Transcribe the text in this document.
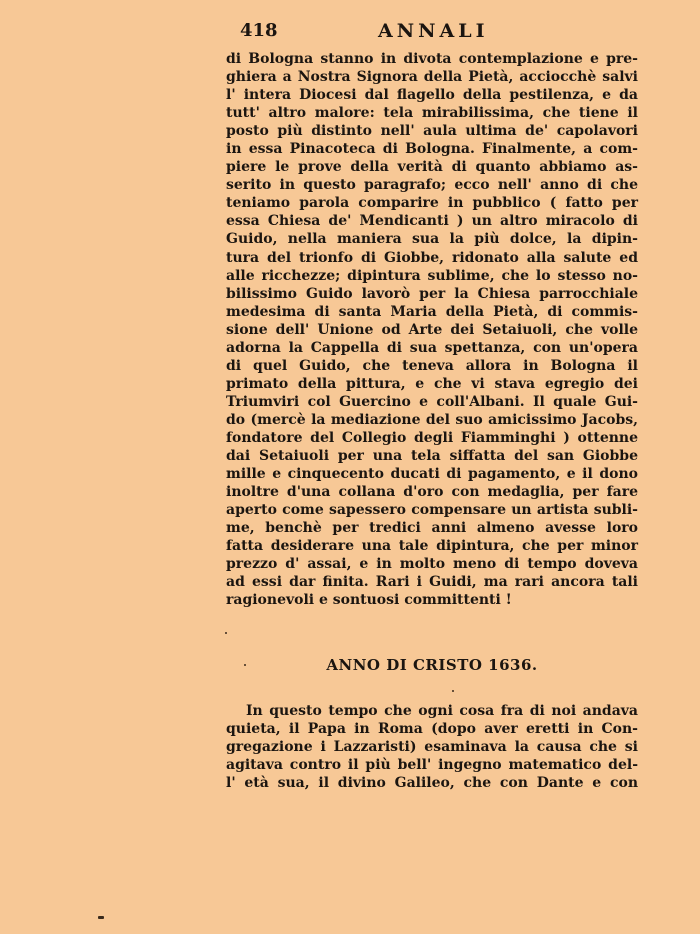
418	ANNALI
di Bologna stanno in divota contemplazione e pre-
ghiera a Nostra Signora della Pietà, acciocchè salvi
l' intera Diocesi dal flagello della pestilenza, e da
tutt' altro malore: tela mirabilissima, che tiene il
posto più distinto nell' aula ultima de' capolavori
in essa Pinacoteca di Bologna. Finalmente, a com-
piere le prove della verità di quanto abbiamo as-
serito in questo paragrafo; ecco nell' anno di che
teniamo parola comparire in pubblico ( fatto per
essa Chiesa de' Mendicanti ) un altro miracolo di
Guido, nella maniera sua la più dolce, la dipin-
tura del trionfo di Giobbe, ridonato alla salute ed
alle ricchezze; dipintura sublime, che lo stesso no-
bilissimo Guido lavorò per la Chiesa parrocchiale
medesima di santa Maria della Pietà, di commis-
sione dell' Unione od Arte dei Setaiuoli, che volle
adorna la Cappella di sua spettanza, con un'opera
di quel Guido, che teneva allora in Bologna il
primato della pittura, e che vi stava egregio dei
Triumviri col Guercino e coll'Albani. Il quale Gui-
do (mercè la mediazione del suo amicissimo Jacobs,
fondatore del Collegio degli Fiamminghi ) ottenne
dai Setaiuoli per una tela siffatta del san Giobbe
mille e cinquecento ducati di pagamento, e il dono
inoltre d'una collana d'oro con medaglia, per fare
aperto come sapessero compensare un artista subli-
me, benchè per tredici anni almeno avesse loro
fatta desiderare una tale dipintura, che per minor
prezzo d' assai, e in molto meno di tempo doveva
ad essi dar finita. Rari i Guidi, ma rari ancora tali
ragionevoli e sontuosi committenti !
ANNO DI CRISTO 1636.
In questo tempo che ogni cosa fra di noi andava
quieta, il Papa in Roma (dopo aver eretti in Con-
gregazione i Lazzaristi) esaminava la causa che si
agitava contro il più bell' ingegno matematico del-
l' età sua, il divino Galileo, che con Dante e con
